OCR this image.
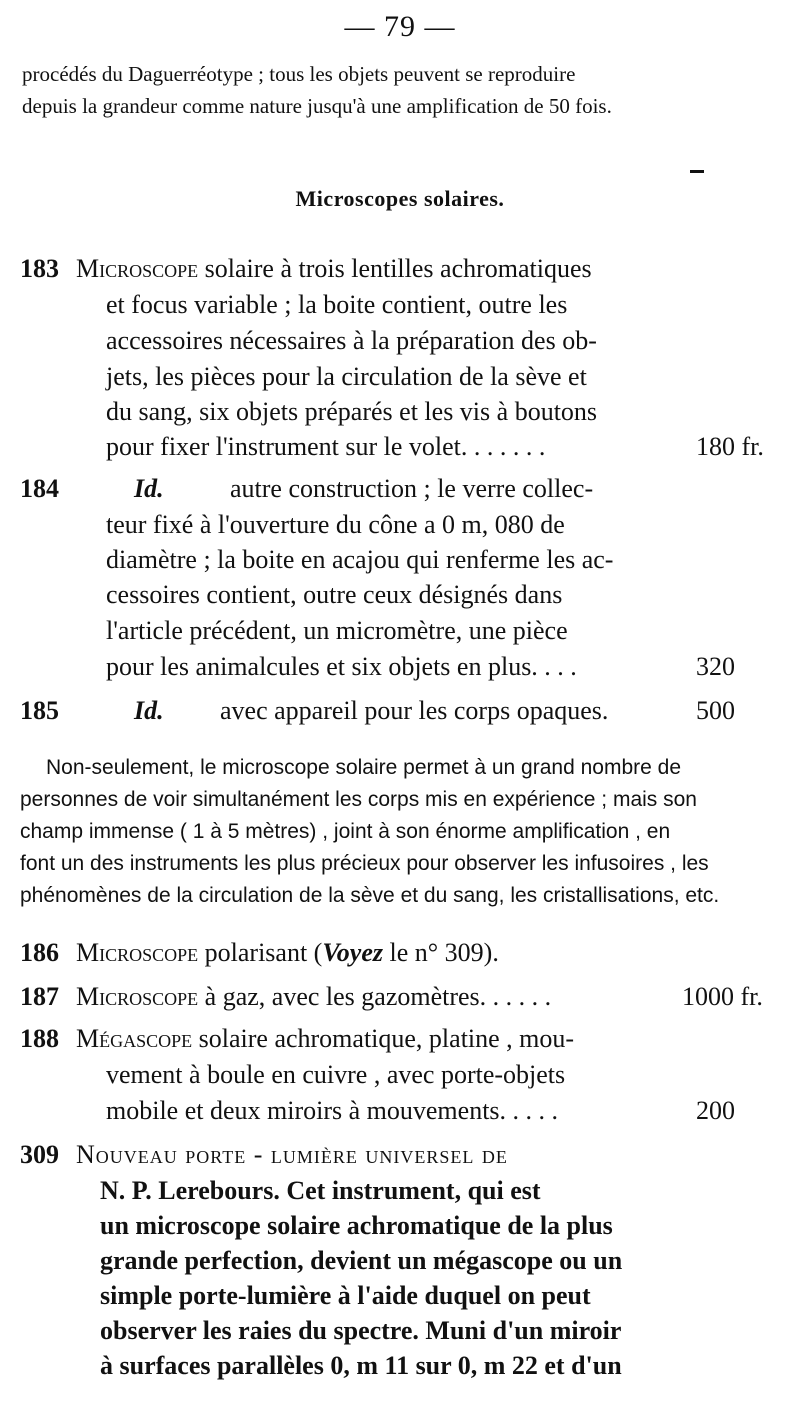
— 79 —
procédés du Daguerréotype ; tous les objets peuvent se reproduire
depuis la grandeur comme nature jusqu'à une amplification de 50 fois.
Microscopes solaires.
183 Microscope solaire à trois lentilles achromatiques
et focus variable ; la boite contient, outre les
accessoires nécessaires à la préparation des ob-
jets, les pièces pour la circulation de la sève et
du sang, six objets préparés et les vis à boutons
pour fixer l'instrument sur le volet. . . . . . .	180 fr.
184	Id.	autre construction ; le verre collec-
teur fixé à l'ouverture du cône a 0 m, 080 de
diamètre ; la boite en acajou qui renferme les ac-
cessoires contient, outre ceux désignés dans
l'article précédent, un micromètre, une pièce
pour les animalcules et six objets en plus. . . .	320
185	Id. avec appareil pour les corps opaques.	500
Non-seulement, le microscope solaire permet à un grand nombre de
personnes de voir simultanément les corps mis en expérience ; mais son
champ immense ( 1 à 5 mètres) , joint à son énorme amplification , en
font un des instruments les plus précieux pour observer les infusoires , les
phénomènes de la circulation de la sève et du sang, les cristallisations, etc.
186 Microscope polarisant (Voyez le n° 309).
187 Microscope à gaz, avec les gazomètres. . . . . .	1000 fr.
188 Mégascope solaire achromatique, platine , mou-
vement à boule en cuivre , avec porte-objets
mobile et deux miroirs à mouvements. . . . .	200
309 Nouveau porte - lumière universel de
N. P. Lerebours. Cet instrument, qui est
un microscope solaire achromatique de la plus
grande perfection, devient un mégascope ou un
simple porte-lumière à l'aide duquel on peut
observer les raies du spectre. Muni d'un miroir
à surfaces parallèles 0, m 11 sur 0, m 22 et d'un
